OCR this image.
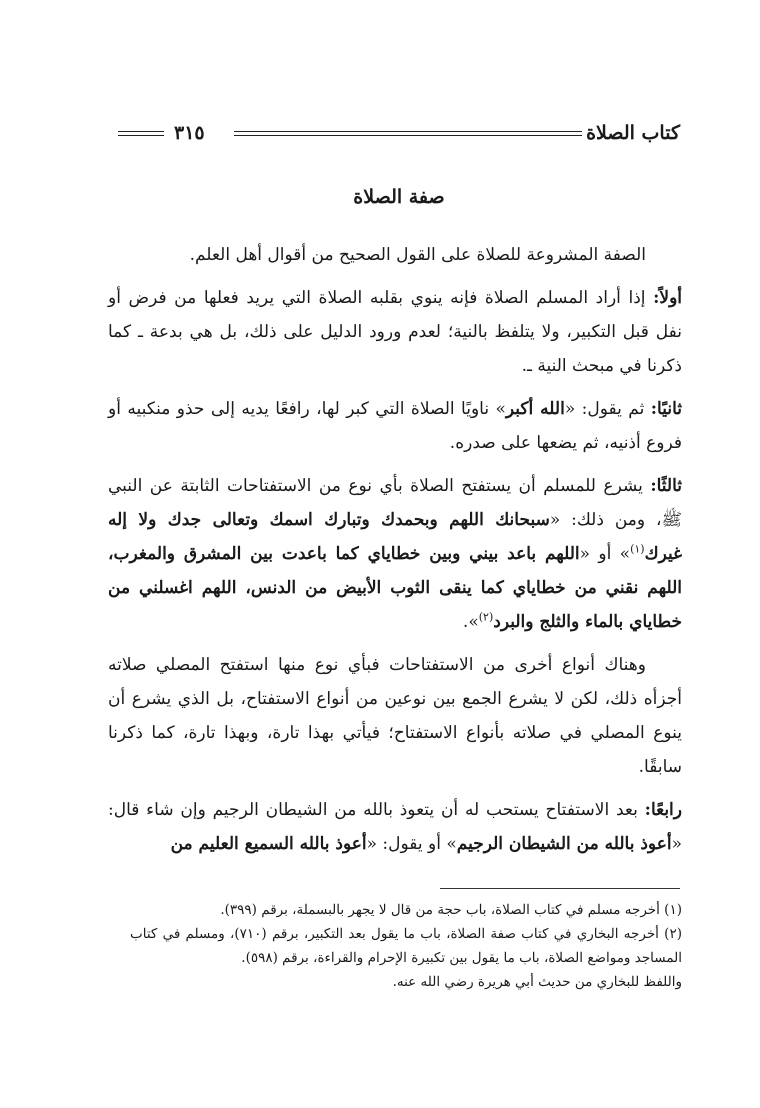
كتاب الصلاة
٣١٥
صفة الصلاة

الصفة المشروعة للصلاة على القول الصحيح من أقوال أهل العلم.

أولاً: إذا أراد المسلم الصلاة فإنه ينوي بقلبه الصلاة التي يريد فعلها من فرض أو نفل قبل التكبير، ولا يتلفظ بالنية؛ لعدم ورود الدليل على ذلك، بل هي بدعة ـ كما ذكرنا في مبحث النية ـ.

ثانيًا: ثم يقول: «الله أكبر» ناويًا الصلاة التي كبر لها، رافعًا يديه إلى حذو منكبيه أو فروع أذنيه، ثم يضعها على صدره.

ثالثًا: يشرع للمسلم أن يستفتح الصلاة بأي نوع من الاستفتاحات الثابتة عن النبي ﷺ، ومن ذلك: «سبحانك اللهم وبحمدك وتبارك اسمك وتعالى جدك ولا إله غيرك$^{(١)}$» أو «اللهم باعد بيني وبين خطاياي كما باعدت بين المشرق والمغرب، اللهم نقني من خطاياي كما ينقى الثوب الأبيض من الدنس، اللهم اغسلني من خطاياي بالماء والثلج والبرد$^{(٢)}$».

وهناك أنواع أخرى من الاستفتاحات فبأي نوع منها استفتح المصلي صلاته أجزأه ذلك، لكن لا يشرع الجمع بين نوعين من أنواع الاستفتاح، بل الذي يشرع أن ينوع المصلي في صلاته بأنواع الاستفتاح؛ فيأتي بهذا تارة، وبهذا تارة، كما ذكرنا سابقًا.

رابعًا: بعد الاستفتاح يستحب له أن يتعوذ بالله من الشيطان الرجيم وإن شاء قال: «أعوذ بالله من الشيطان الرجيم» أو يقول: «أعوذ بالله السميع العليم من

(١) أخرجه مسلم في كتاب الصلاة، باب حجة من قال لا يجهر بالبسملة، برقم (٣٩٩).
(٢) أخرجه البخاري في كتاب صفة الصلاة، باب ما يقول بعد التكبير، برقم (٧١٠)، ومسلم في كتاب المساجد ومواضع الصلاة، باب ما يقول بين تكبيرة الإحرام والقراءة، برقم (٥٩٨).
واللفظ للبخاري من حديث أبي هريرة رضي الله عنه.
